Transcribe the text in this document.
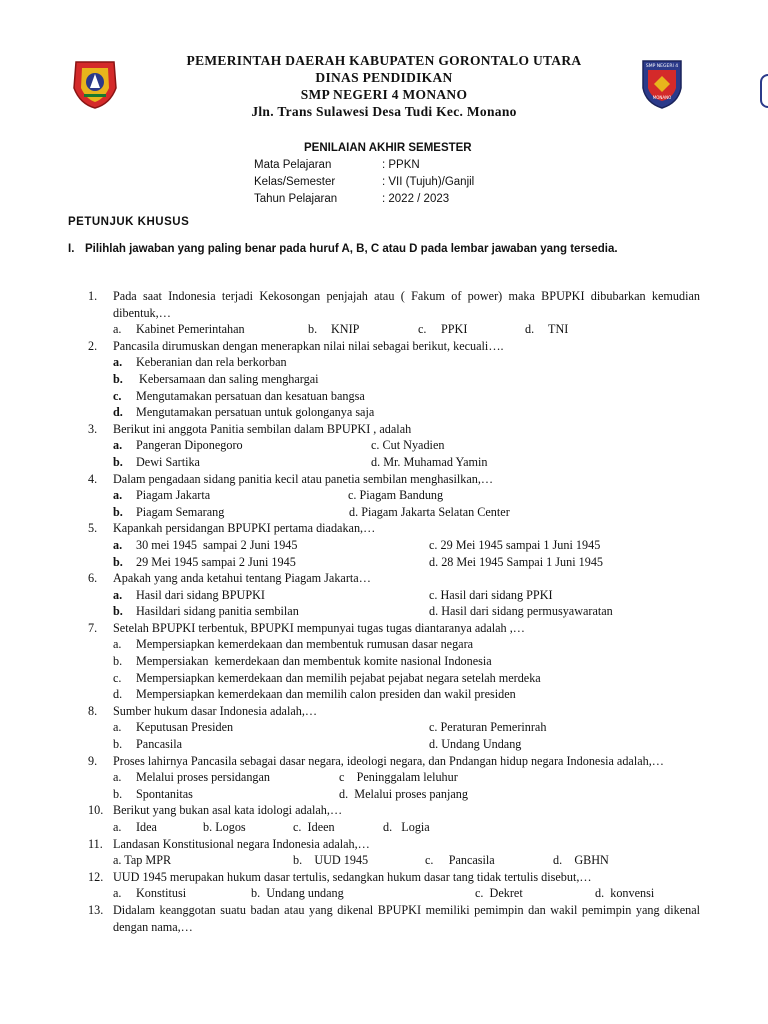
SMP NEGERI 4
MONANO
PEMERINTAH DAERAH KABUPATEN GORONTALO UTARA
DINAS PENDIDIKAN
SMP NEGERI 4 MONANO
Jln. Trans Sulawesi Desa Tudi Kec. Monano
PENILAIAN AKHIR SEMESTER
Mata Pelajaran	: PPKN
Kelas/Semester	: VII (Tujuh)/Ganjil
Tahun Pelajaran	: 2022 / 2023
PETUNJUK KHUSUS
I. Pilihlah jawaban yang paling benar pada huruf A, B, C atau D pada lembar jawaban yang tersedia.
1. Pada saat Indonesia terjadi Kekosongan penjajah atau ( Fakum of power) maka BPUPKI dibubarkan kemudian dibentuk,…
a. Kabinet Pemerintahan	b. KNIP	c. PPKI	d. TNI
2. Pancasila dirumuskan dengan menerapkan nilai nilai sebagai berikut, kecuali….
a. Keberanian dan rela berkorban
b. Kebersamaan dan saling menghargai
c. Mengutamakan persatuan dan kesatuan bangsa
d. Mengutamakan persatuan untuk golonganya saja
3. Berikut ini anggota Panitia sembilan dalam BPUPKI , adalah
a. Pangeran Diponegoro	c. Cut Nyadien
b. Dewi Sartika	d. Mr. Muhamad Yamin
4. Dalam pengadaan sidang panitia kecil atau panetia sembilan menghasilkan,…
a. Piagam Jakarta	c. Piagam Bandung
b. Piagam Semarang	d. Piagam Jakarta Selatan Center
5. Kapankah persidangan BPUPKI pertama diadakan,…
a. 30 mei 1945  sampai 2 Juni 1945	c. 29 Mei 1945 sampai 1 Juni 1945
b. 29 Mei 1945 sampai 2 Juni 1945	d. 28 Mei 1945 Sampai 1 Juni 1945
6. Apakah yang anda ketahui tentang Piagam Jakarta…
a. Hasil dari sidang BPUPKI	c. Hasil dari sidang PPKI
b. Hasildari sidang panitia sembilan	d. Hasil dari sidang permusyawaratan
7. Setelah BPUPKI terbentuk, BPUPKI mempunyai tugas tugas diantaranya adalah ,…
a. Mempersiapkan kemerdekaan dan membentuk rumusan dasar negara
b. Mempersiakan  kemerdekaan dan membentuk komite nasional Indonesia
c. Mempersiapkan kemerdekaan dan memilih pejabat pejabat negara setelah merdeka
d. Mempersiapkan kemerdekaan dan memilih calon presiden dan wakil presiden
8. Sumber hukum dasar Indonesia adalah,…
a. Keputusan Presiden	c. Peraturan Pemerinrah
b. Pancasila	d. Undang Undang
9. Proses lahirnya Pancasila sebagai dasar negara, ideologi negara, dan Pndangan hidup negara Indonesia adalah,…
a. Melalui proses persidangan	c    Peninggalam leluhur
b. Spontanitas	d.  Melalui proses panjang
10. Berikut yang bukan asal kata idologi adalah,…
a. Idea	b. Logos	c.  Ideen	d.   Logia
11. Landasan Konstitusional negara Indonesia adalah,…
a. Tap MPR	b.    UUD 1945	c.     Pancasila	d.    GBHN
12. UUD 1945 merupakan hukum dasar tertulis, sedangkan hukum dasar tang tidak tertulis disebut,…
a. Konstitusi	b.  Undang undang	c.  Dekret	d.  konvensi
13. Didalam keanggotan suatu badan atau yang dikenal BPUPKI memiliki pemimpin dan wakil pemimpin yang dikenal dengan nama,…
